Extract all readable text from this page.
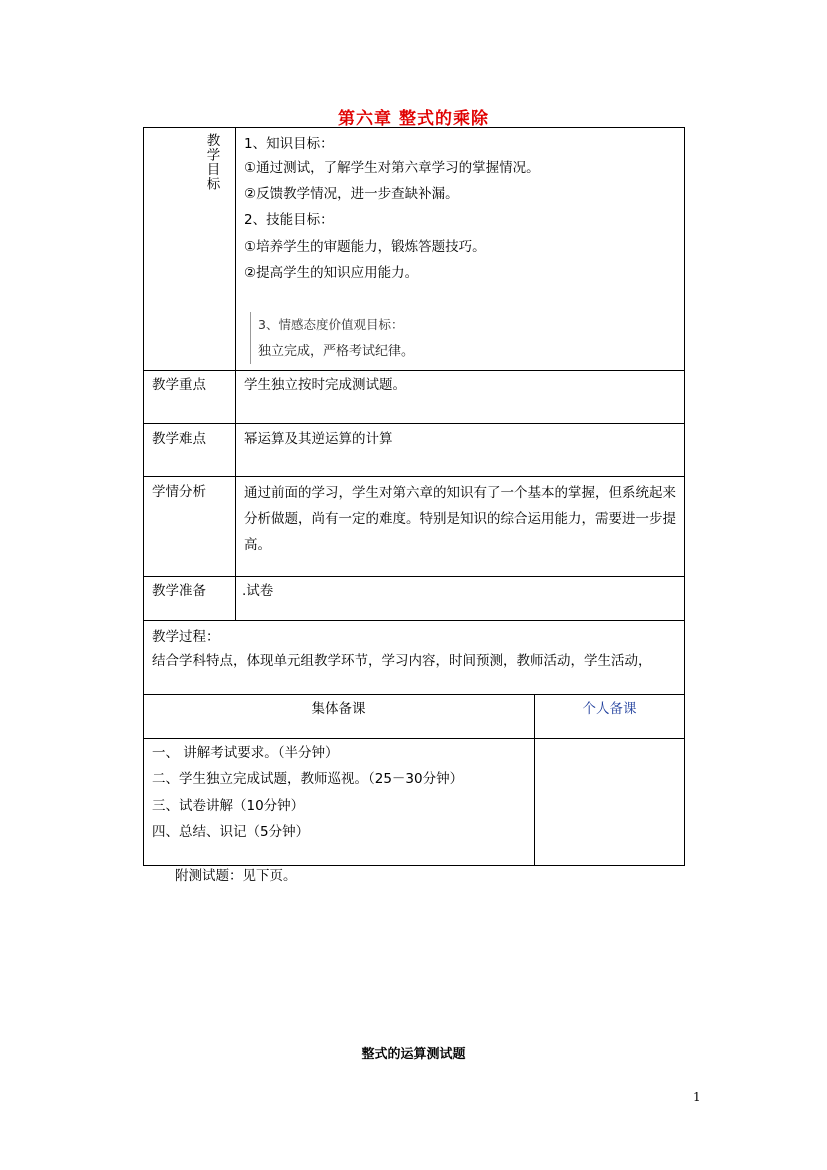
第六章 整式的乘除
教学目标 1、知识目标：
①通过测试，了解学生对第六章学习的掌握情况。
②反馈教学情况，进一步查缺补漏。
2、技能目标：
①培养学生的审题能力，锻炼答题技巧。
②提高学生的知识应用能力。
3、情感态度价值观目标：
独立完成，严格考试纪律。
教学重点	学生独立按时完成测试题。
教学难点	幂运算及其逆运算的计算
学情分析	通过前面的学习，学生对第六章的知识有了一个基本的掌握，但系统起来分析做题，尚有一定的难度。特别是知识的综合运用能力，需要进一步提高。
教学准备	.试卷
教学过程：
结合学科特点，体现单元组教学环节，学习内容，时间预测，教师活动，学生活动，
集体备课	个人备课
一、 讲解考试要求。（半分钟）
二、学生独立完成试题，教师巡视。（25－30分钟）
三、试卷讲解（10分钟）
四、总结、识记（5分钟）
附测试题：见下页。
整式的运算测试题
1
